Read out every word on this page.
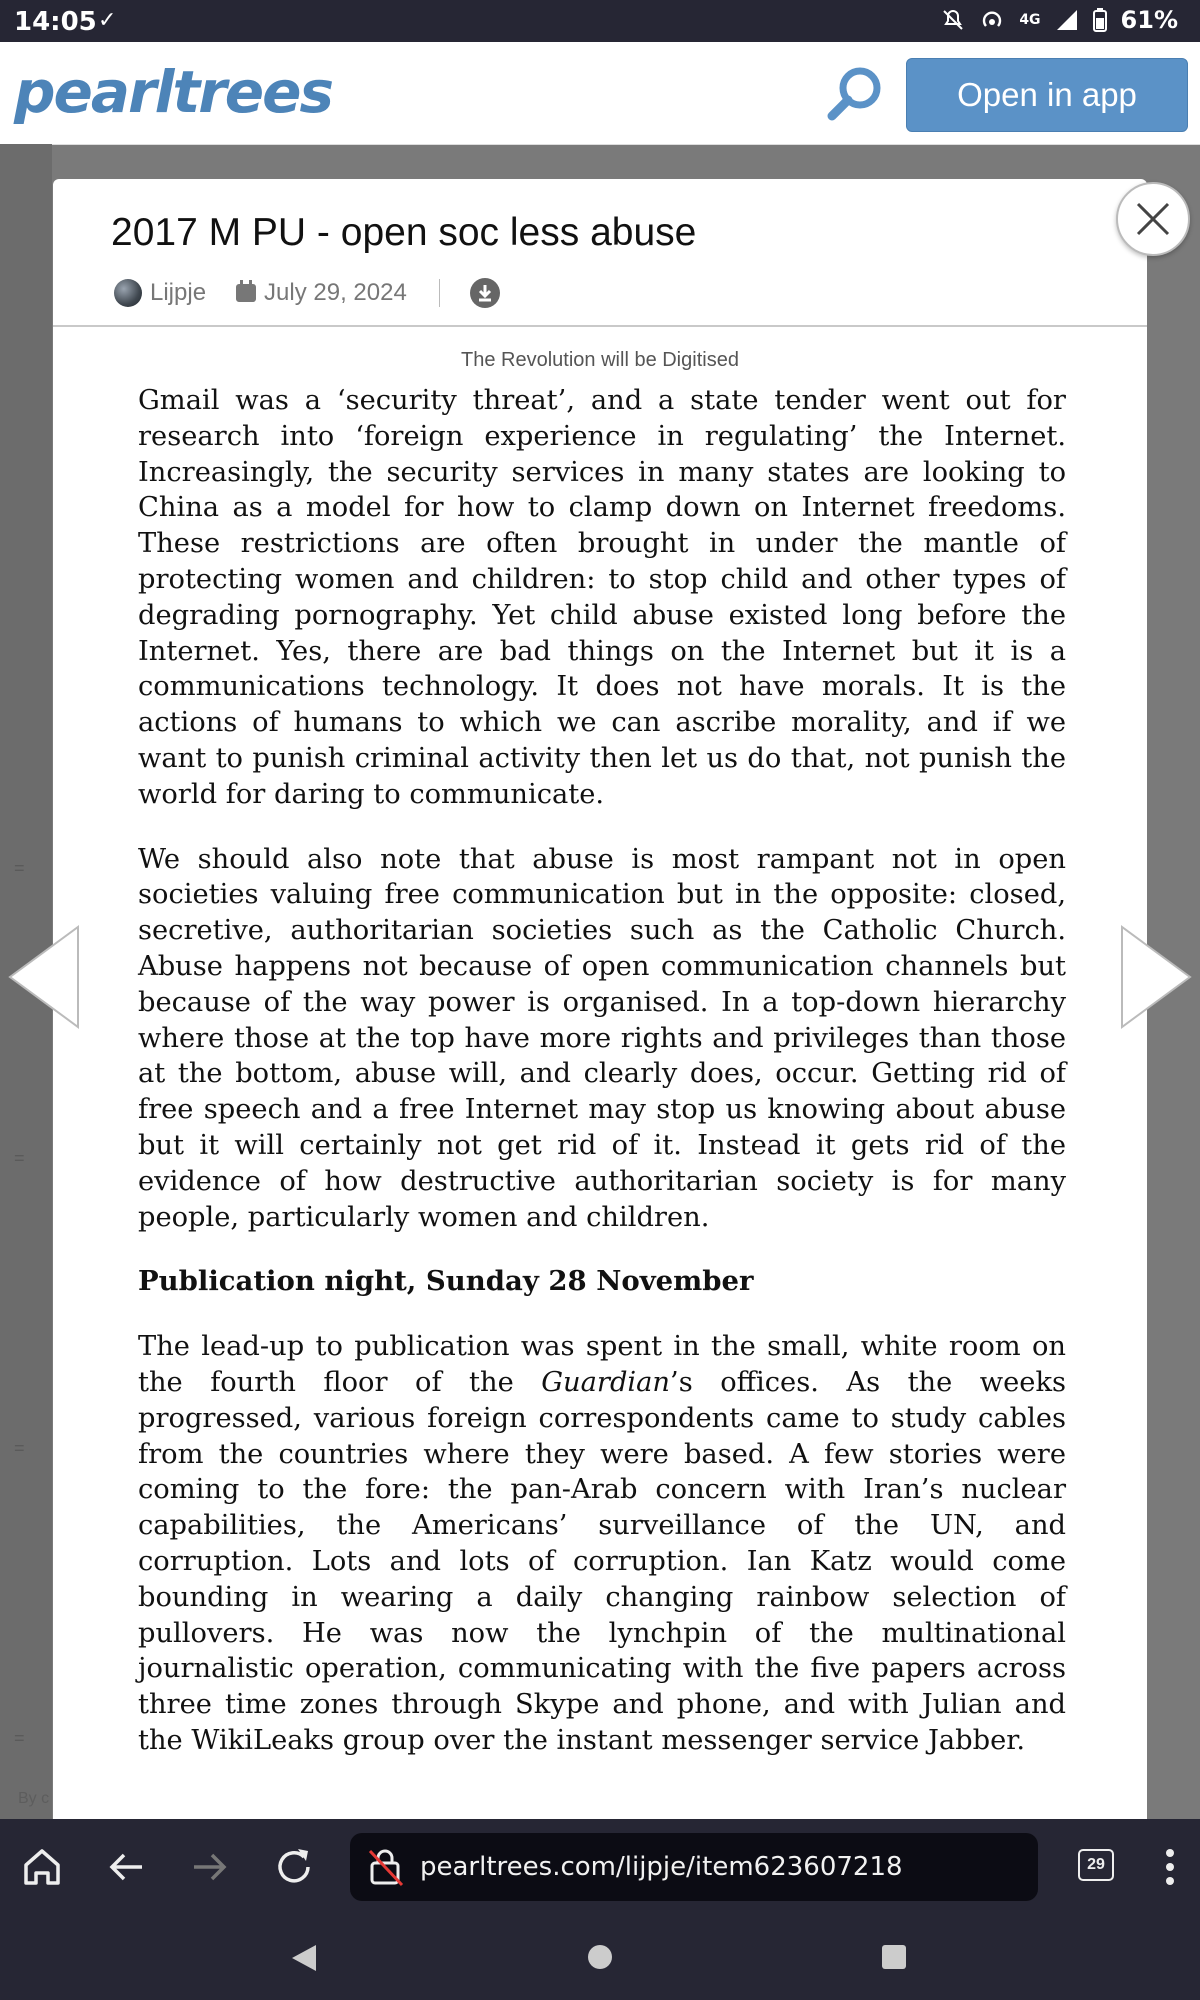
14:05 ✓	4G	61%
pearltrees	Open in app
=
=
=
=
By c
2017 M PU - open soc less abuse
Lijpje July 29, 2024
The Revolution will be Digitised

Gmail was a ‘security threat’, and a state tender went out for research into ‘foreign experience in regulating’ the Internet. Increasingly, the security services in many states are looking to China as a model for how to clamp down on Internet freedoms. These restrictions are often brought in under the mantle of protecting women and children: to stop child and other types of degrading pornography. Yet child abuse existed long before the Internet. Yes, there are bad things on the Internet but it is a communications technology. It does not have morals. It is the actions of humans to which we can ascribe morality, and if we want to punish criminal activity then let us do that, not punish the world for daring to communicate.

We should also note that abuse is most rampant not in open societies valuing free communication but in the opposite: closed, secretive, authoritarian societies such as the Catholic Church. Abuse happens not because of open communication channels but because of the way power is organised. In a top-down hierarchy where those at the top have more rights and privileges than those at the bottom, abuse will, and clearly does, occur. Getting rid of free speech and a free Internet may stop us knowing about abuse but it will certainly not get rid of it. Instead it gets rid of the evidence of how destructive authoritarian society is for many people, particularly women and children.

Publication night, Sunday 28 November

The lead-up to publication was spent in the small, white room on the fourth floor of the Guardian’s offices. As the weeks progressed, various foreign correspondents came to study cables from the countries where they were based. A few stories were coming to the fore: the pan-Arab concern with Iran’s nuclear capabilities, the Americans’ surveillance of the UN, and corruption. Lots and lots of corruption. Ian Katz would come bounding in wearing a daily changing rainbow selection of pullovers. He was now the lynchpin of the multinational journalistic operation, communicating with the five papers across three time zones through Skype and phone, and with Julian and the WikiLeaks group over the instant messenger service Jabber.

pearltrees.com/lijpje/item623607218	29
